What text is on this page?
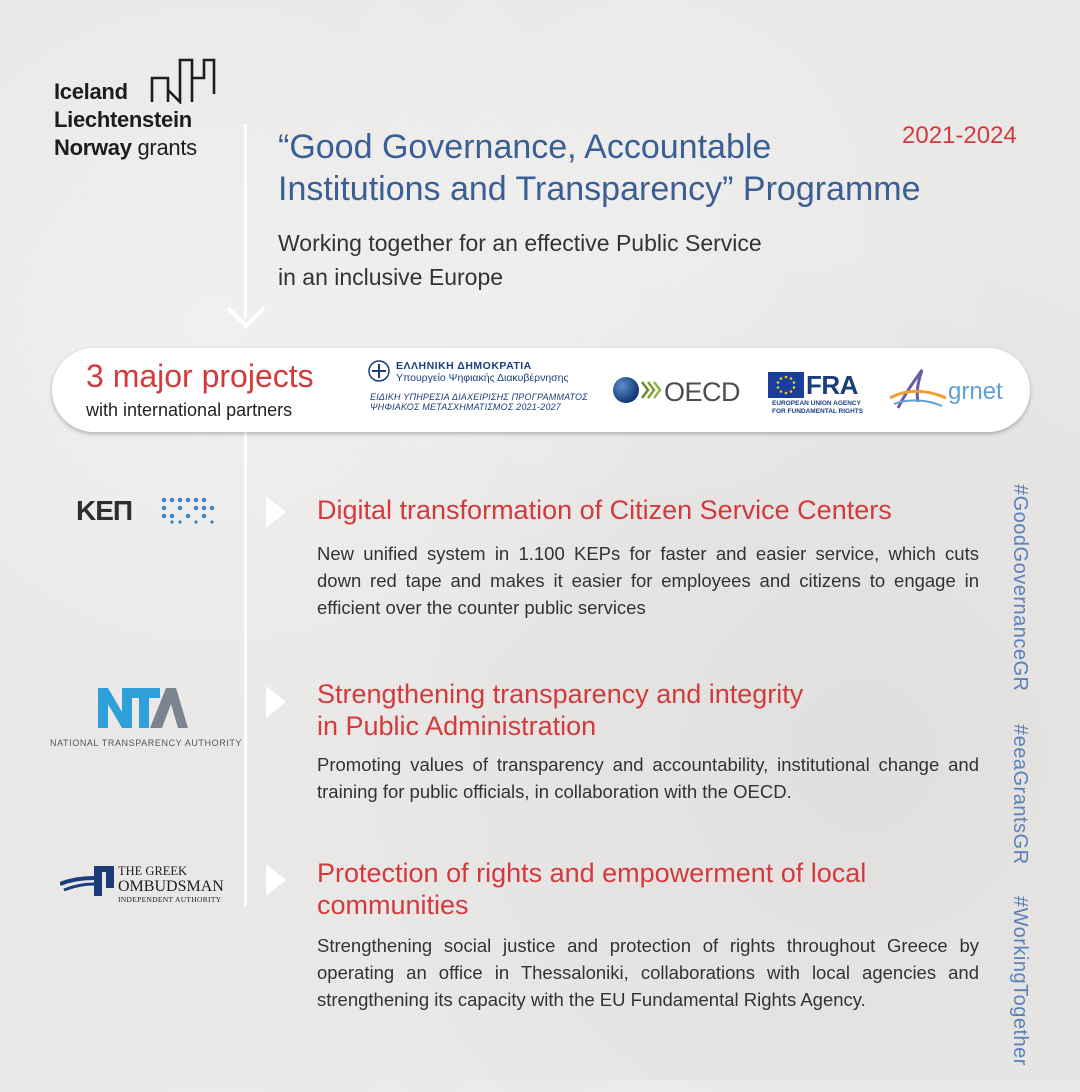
Iceland
Liechtenstein
Norway grants	“Good Governance, Accountable
Institutions and Transparency” Programme
2021-2024
Working together for an effective Public Service
in an inclusive Europe
3 major projects
with international partners
ΕΛΛΗΝΙΚΗ ΔΗΜΟΚΡΑΤΙΑ
Υπουργείο Ψηφιακής Διακυβέρνησης
ΕΙΔΙΚΗ ΥΠΗΡΕΣΙΑ ΔΙΑΧΕΙΡΙΣΗΣ ΠΡΟΓΡΑΜΜΑΤΟΣ
ΨΗΦΙΑΚΟΣ ΜΕΤΑΣΧΗΜΑΤΙΣΜΟΣ 2021-2027	OECD	FRA
EUROPEAN UNION AGENCY FOR FUNDAMENTAL RIGHTS
grnet
ΚΕΠ	Digital transformation of Citizen Service Centers
New unified system in 1.100 KEPs for faster and easier service, which cuts down red tape and makes it easier for employees and citizens to engage in efficient over the counter public services
NATIONAL TRANSPARENCY AUTHORITY
Strengthening transparency and integrity
in Public Administration
Promoting values of transparency and accountability, institutional change and training for public officials, in collaboration with the OECD.
THE GREEK
OMBUDSMAN
INDEPENDENT AUTHORITY
Protection of rights and empowerment of local
communities
Strengthening social justice and protection of rights throughout Greece by operating an office in Thessaloniki, collaborations with local agencies and strengthening its capacity with the EU Fundamental Rights Agency.
#GoodGovernanceGR #eeaGrantsGR #WorkingTogether
